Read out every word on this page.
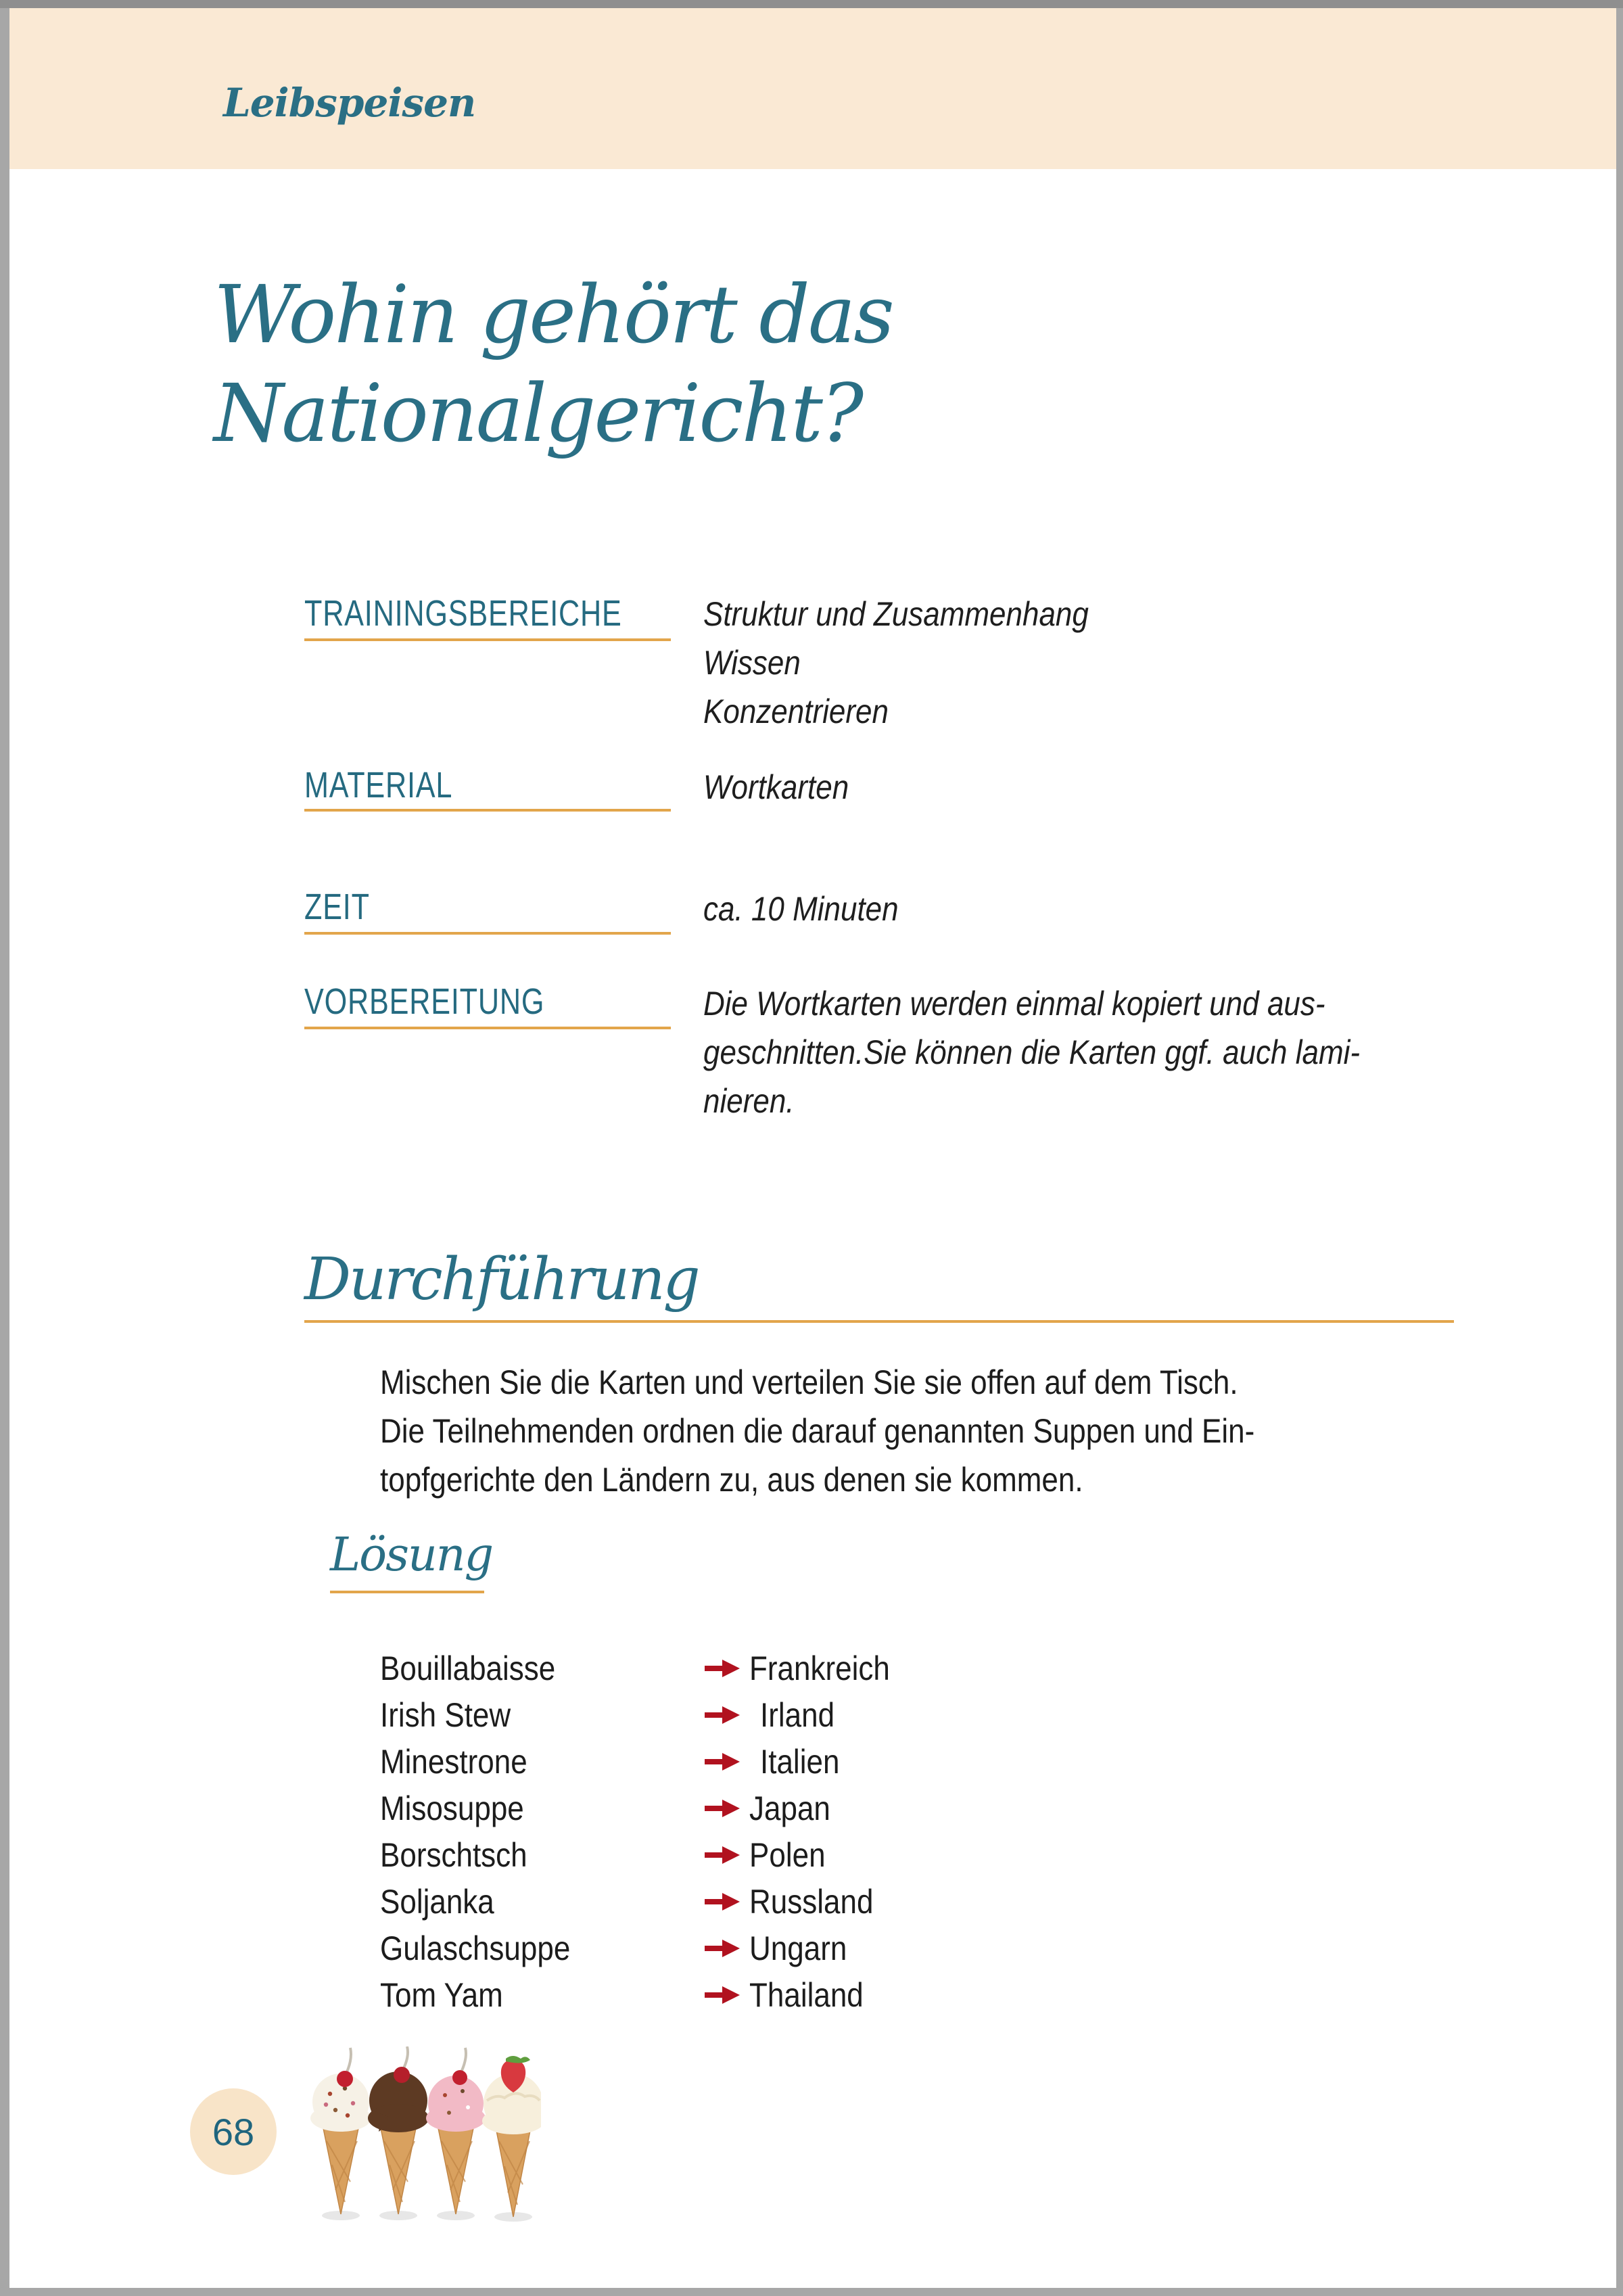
Leibspeisen
Wohin gehört das
Nationalgericht?
TRAININGSBEREICHE	Struktur und Zusammenhang
Wissen
Konzentrieren
MATERIAL	Wortkarten
ZEIT	ca. 10 Minuten
VORBEREITUNG	Die Wortkarten werden einmal kopiert und aus-
geschnitten.Sie können die Karten ggf. auch lami-
nieren.
Durchführung
Mischen Sie die Karten und verteilen Sie sie offen auf dem Tisch.
Die Teilnehmenden ordnen die darauf genannten Suppen und Ein-
topfgerichte den Ländern zu, aus denen sie kommen.
Lösung
Bouillabaisse	Frankreich
Irish Stew	Irland
Minestrone	Italien
Misosuppe	Japan
Borschtsch	Polen
Soljanka	Russland
Gulaschsuppe	Ungarn
Tom Yam	Thailand
68
